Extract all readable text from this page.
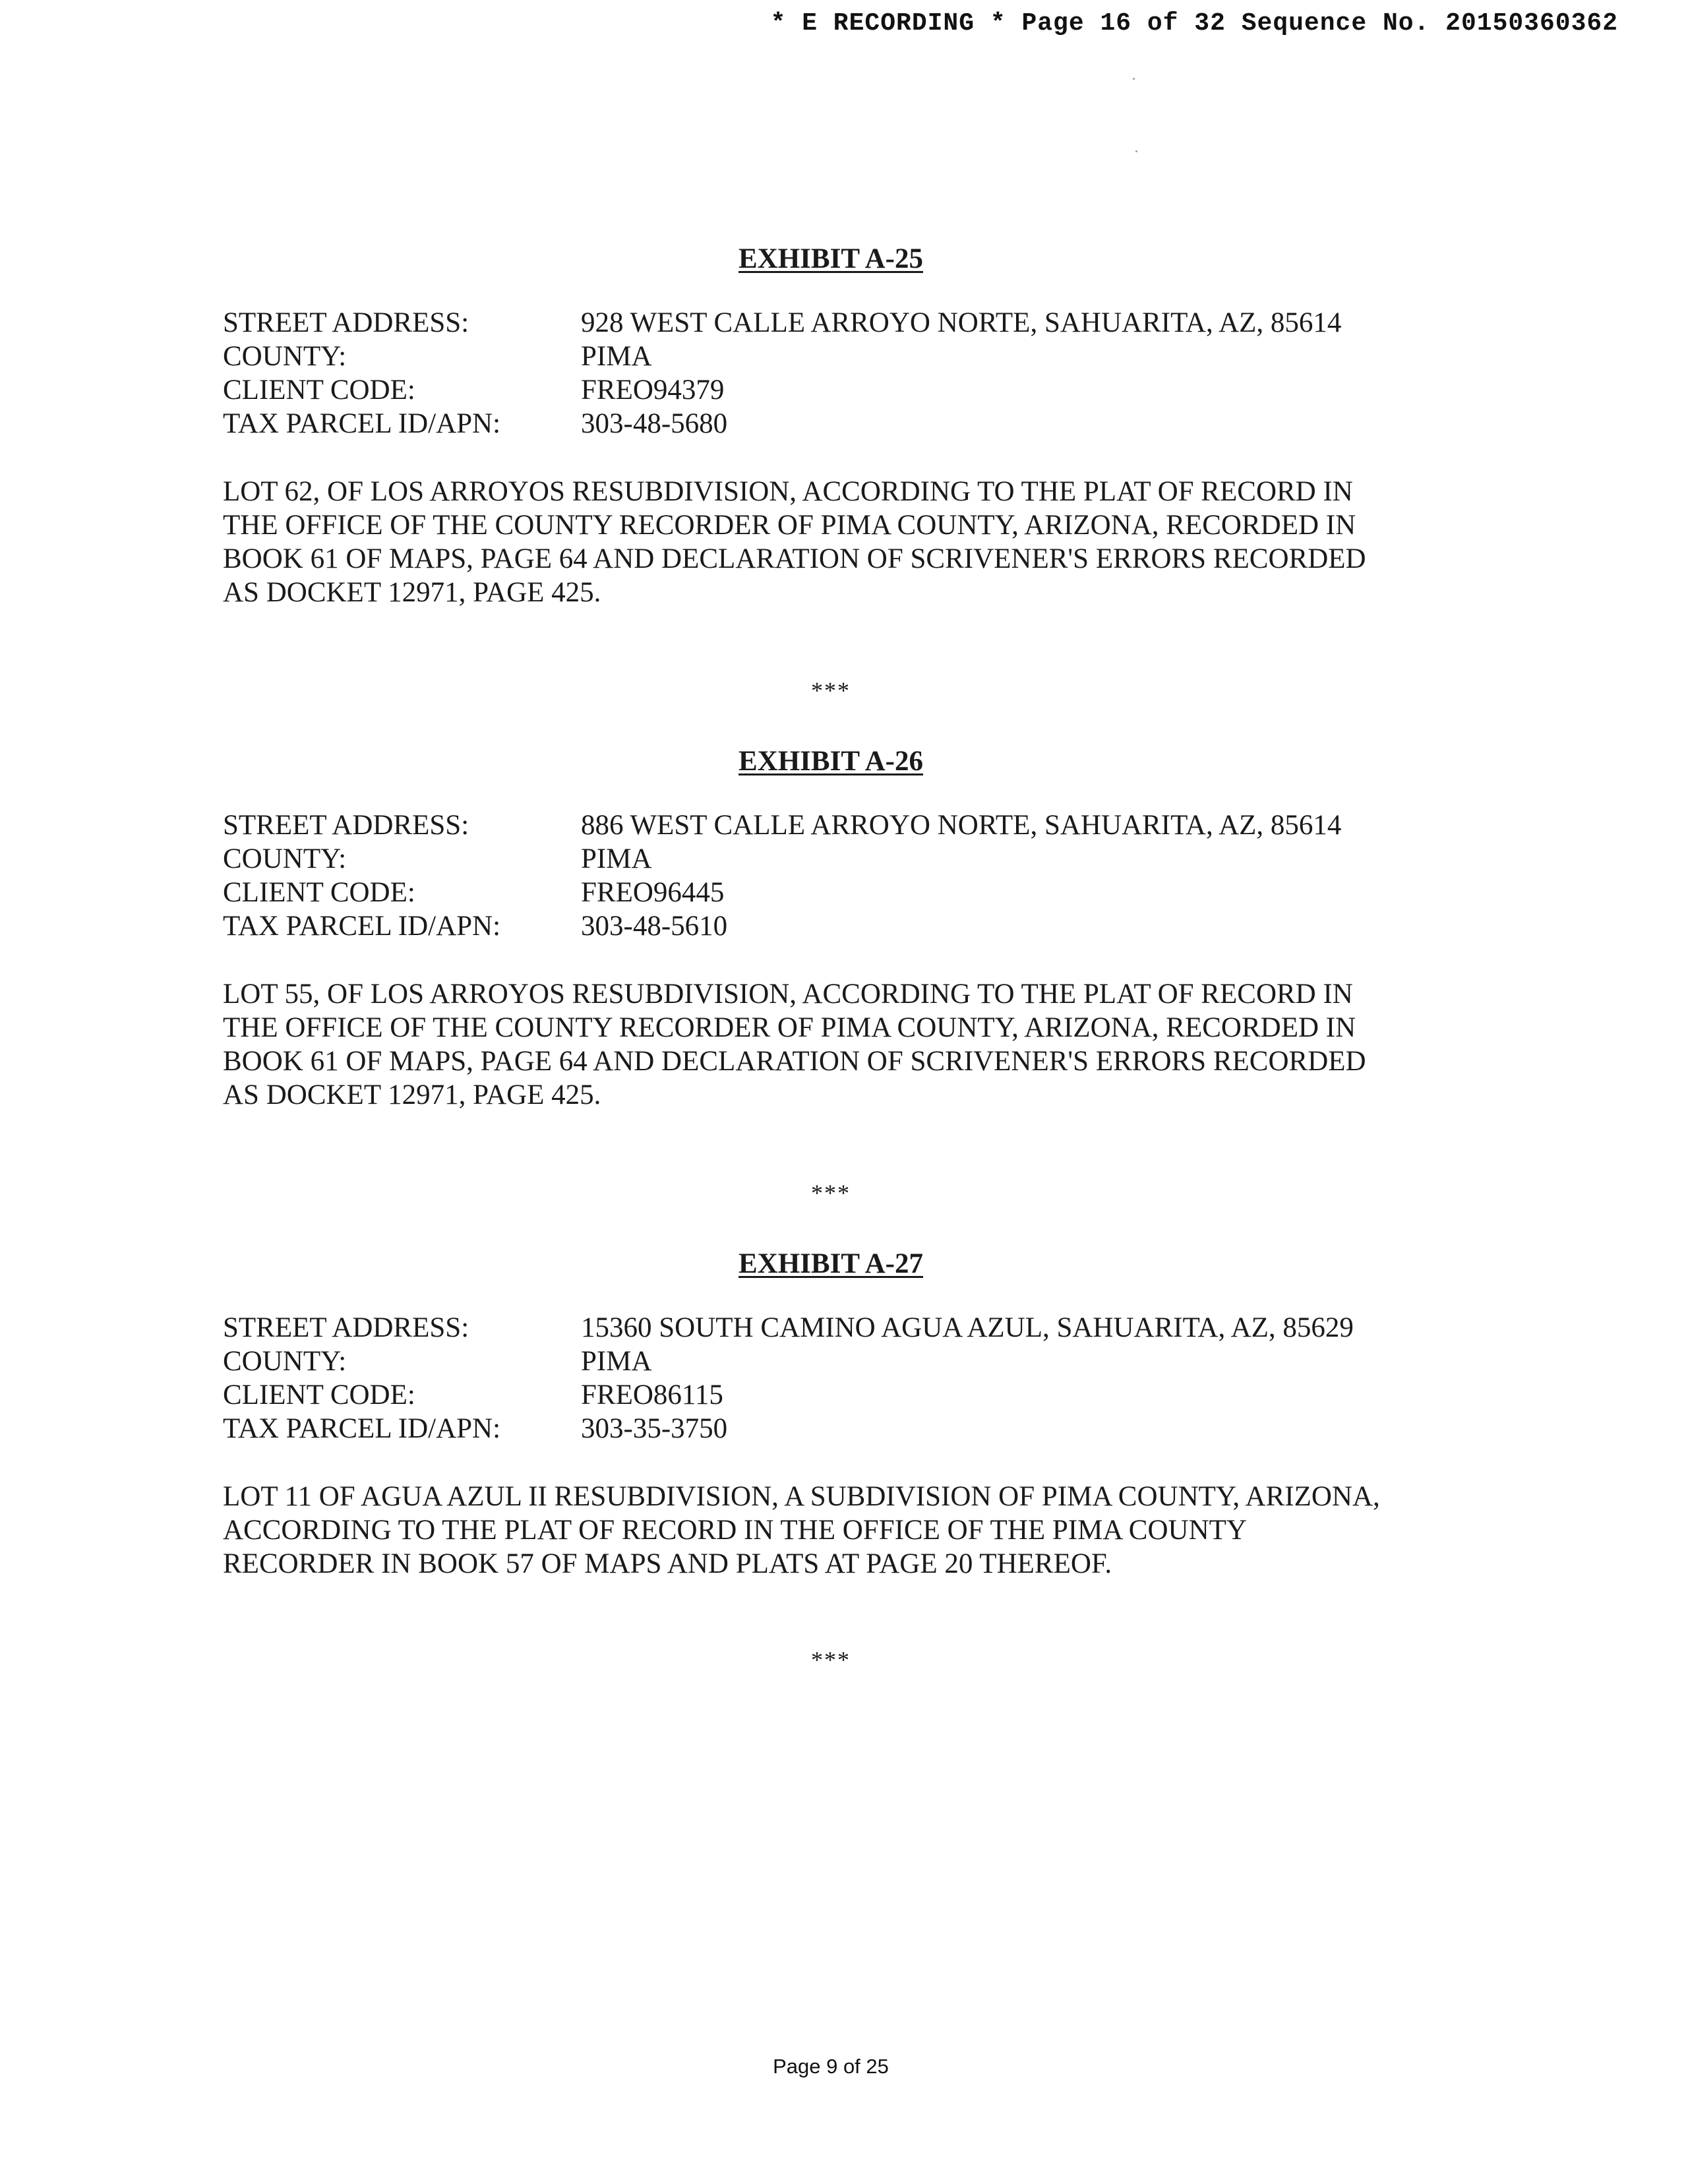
* E RECORDING * Page 16 of 32 Sequence No. 20150360362
EXHIBIT A-25
STREET ADDRESS:	928 WEST CALLE ARROYO NORTE, SAHUARITA, AZ, 85614
COUNTY:	PIMA
CLIENT CODE:	FREO94379
TAX PARCEL ID/APN:	303-48-5680

LOT 62, OF LOS ARROYOS RESUBDIVISION, ACCORDING TO THE PLAT OF RECORD IN
THE OFFICE OF THE COUNTY RECORDER OF PIMA COUNTY, ARIZONA, RECORDED IN
BOOK 61 OF MAPS, PAGE 64 AND DECLARATION OF SCRIVENER'S ERRORS RECORDED
AS DOCKET 12971, PAGE 425.

***
EXHIBIT A-26
STREET ADDRESS:	886 WEST CALLE ARROYO NORTE, SAHUARITA, AZ, 85614
COUNTY:	PIMA
CLIENT CODE:	FREO96445
TAX PARCEL ID/APN:	303-48-5610

LOT 55, OF LOS ARROYOS RESUBDIVISION, ACCORDING TO THE PLAT OF RECORD IN
THE OFFICE OF THE COUNTY RECORDER OF PIMA COUNTY, ARIZONA, RECORDED IN
BOOK 61 OF MAPS, PAGE 64 AND DECLARATION OF SCRIVENER'S ERRORS RECORDED
AS DOCKET 12971, PAGE 425.

***
EXHIBIT A-27
STREET ADDRESS:	15360 SOUTH CAMINO AGUA AZUL, SAHUARITA, AZ, 85629
COUNTY:	PIMA
CLIENT CODE:	FREO86115
TAX PARCEL ID/APN:	303-35-3750

LOT 11 OF AGUA AZUL II RESUBDIVISION, A SUBDIVISION OF PIMA COUNTY, ARIZONA,
ACCORDING TO THE PLAT OF RECORD IN THE OFFICE OF THE PIMA COUNTY
RECORDER IN BOOK 57 OF MAPS AND PLATS AT PAGE 20 THEREOF.

***
Page 9 of 25
